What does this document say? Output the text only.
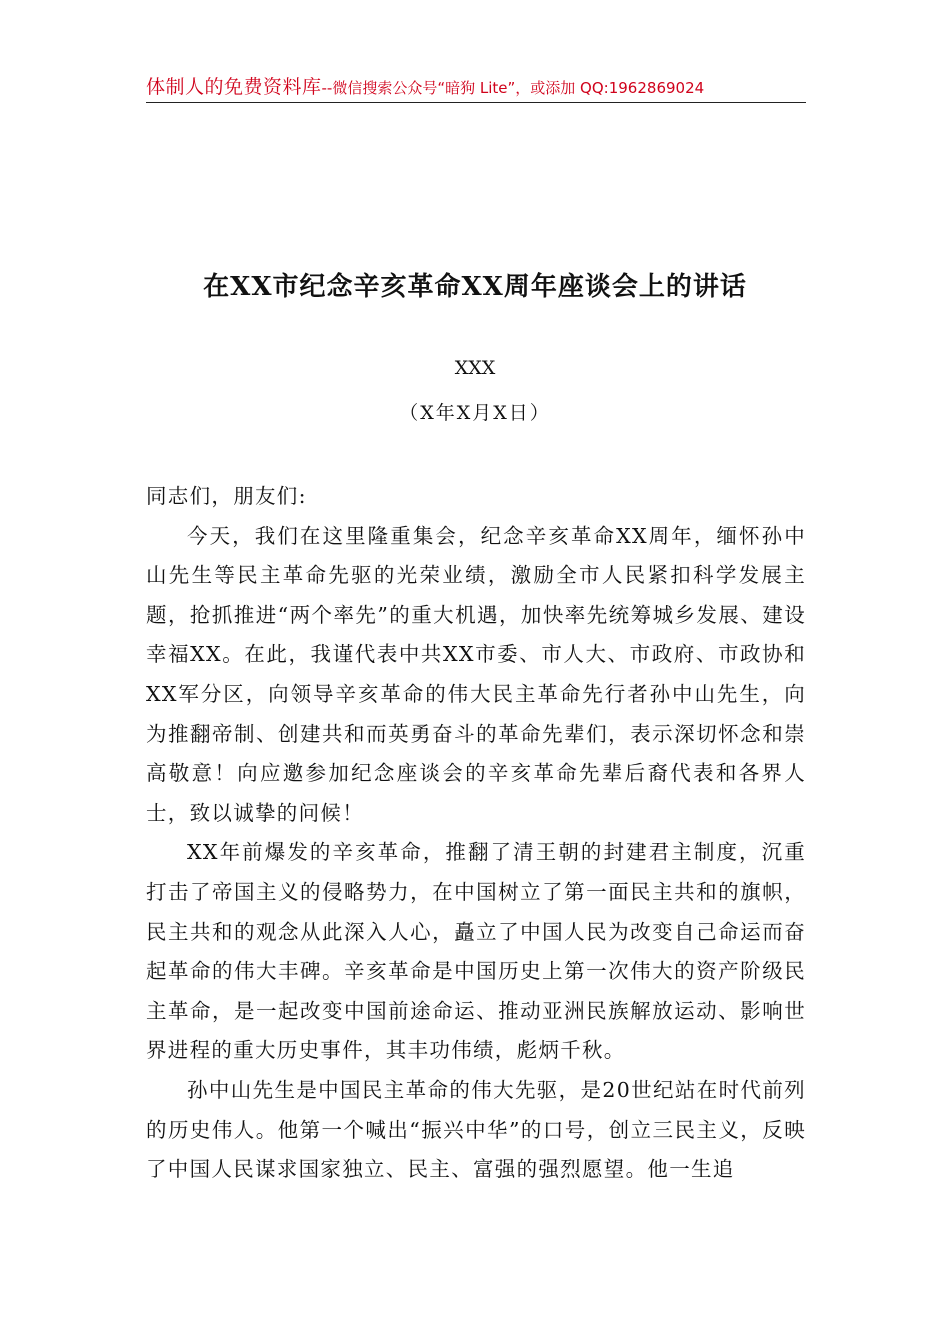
体制人的免费资料库--微信搜索公众号“暗狗 Lite”，或添加 QQ:1962869024
在XX市纪念辛亥革命XX周年座谈会上的讲话
XXX
（X年X月X日）

同志们，朋友们:

今天，我们在这里隆重集会，纪念辛亥革命XX周年，缅怀孙中山先生等民主革命先驱的光荣业绩，激励全市人民紧扣科学发展主题，抢抓推进“两个率先”的重大机遇，加快率先统筹城乡发展、建设幸福XX。在此，我谨代表中共XX市委、市人大、市政府、市政协和XX军分区，向领导辛亥革命的伟大民主革命先行者孙中山先生，向为推翻帝制、创建共和而英勇奋斗的革命先辈们，表示深切怀念和崇高敬意！向应邀参加纪念座谈会的辛亥革命先辈后裔代表和各界人士，致以诚挚的问候！

XX年前爆发的辛亥革命，推翻了清王朝的封建君主制度，沉重打击了帝国主义的侵略势力，在中国树立了第一面民主共和的旗帜，民主共和的观念从此深入人心，矗立了中国人民为改变自己命运而奋起革命的伟大丰碑。辛亥革命是中国历史上第一次伟大的资产阶级民主革命，是一起改变中国前途命运、推动亚洲民族解放运动、影响世界进程的重大历史事件，其丰功伟绩，彪炳千秋。

孙中山先生是中国民主革命的伟大先驱，是20世纪站在时代前列的历史伟人。他第一个喊出“振兴中华”的口号，创立三民主义，反映了中国人民谋求国家独立、民主、富强的强烈愿望。他一生追
